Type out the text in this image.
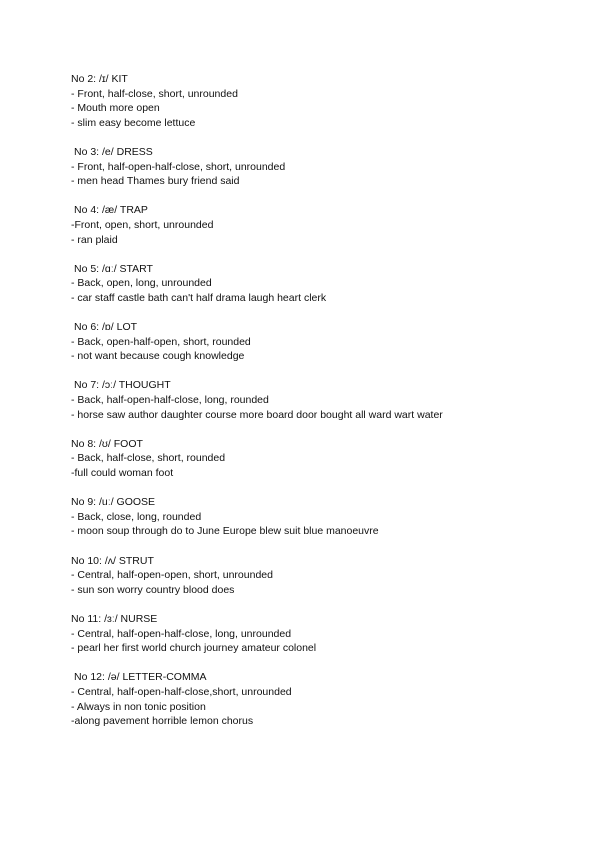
No 2: /ɪ/ KIT
- Front, half-close, short, unrounded
- Mouth more open
- slim easy become lettuce
No 3: /e/ DRESS
- Front, half-open-half-close, short, unrounded
- men head Thames bury friend said
No 4: /æ/ TRAP
-Front, open, short, unrounded
- ran plaid
No 5: /ɑː/ START
- Back, open, long, unrounded
- car staff castle bath can't half drama laugh heart clerk
No 6: /ɒ/ LOT
- Back, open-half-open, short, rounded
- not want because cough knowledge
No 7: /ɔː/ THOUGHT
- Back, half-open-half-close, long, rounded
- horse saw author daughter course more board door bought all ward wart water
No 8: /ʊ/ FOOT
- Back, half-close, short, rounded
-full could woman foot
No 9: /uː/ GOOSE
- Back, close, long, rounded
- moon soup through do to June Europe blew suit blue manoeuvre
No 10: /ʌ/ STRUT
- Central, half-open-open, short, unrounded
- sun son worry country blood does
No 11: /ɜː/ NURSE
- Central, half-open-half-close, long, unrounded
- pearl her first world church journey amateur colonel
No 12: /ə/ LETTER-COMMA
- Central, half-open-half-close,short, unrounded
- Always in non tonic position
-along pavement horrible lemon chorus
